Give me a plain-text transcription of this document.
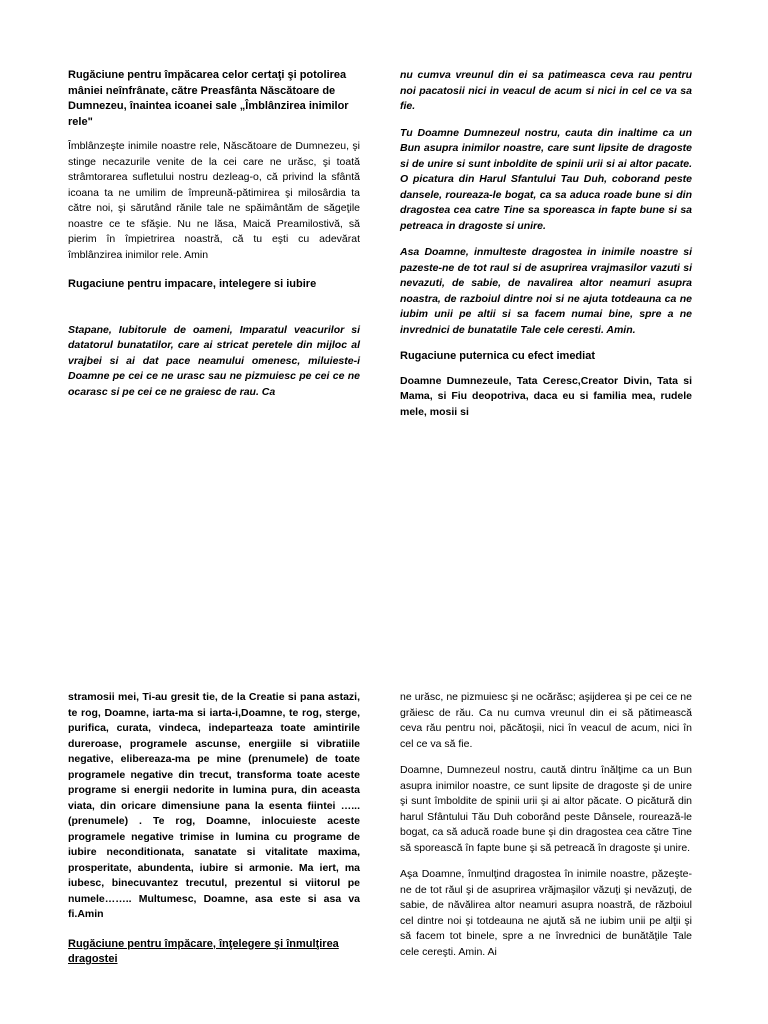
Rugăciune pentru împăcarea celor certaţi şi potolirea mâniei neînfrânate, către Preasfânta Născătoare de Dumnezeu, înaintea icoanei sale „Îmblânzirea inimilor rele"

Îmblânzeşte inimile noastre rele, Născătoare de Dumnezeu, şi stinge necazurile venite de la cei care ne urăsc, şi toată strâmtorarea sufletului nostru dezleag-o, că privind la sfântă icoana ta ne umilim de împreună-pătimirea şi milosârdia ta către noi, şi sărutând rănile tale ne spăimântăm de săgeţile noastre ce te sfăşie. Nu ne lăsa, Maică Preamilostivă, să pierim în împietrirea noastră, că tu eşti cu adevărat îmblânzirea inimilor rele. Amin

Rugaciune pentru impacare, intelegere si iubire

Stapane, Iubitorule de oameni, Imparatul veacurilor si datatorul bunatatilor, care ai stricat peretele din mijloc al vrajbei si ai dat pace neamului omenesc, miluieste-i Doamne pe cei ce ne urasc sau ne pizmuiesc pe cei ce ne ocarasc si pe cei ce ne graiesc de rau. Ca

nu cumva vreunul din ei sa patimeasca ceva rau pentru noi pacatosii nici in veacul de acum si nici in cel ce va sa fie.

Tu Doamne Dumnezeul nostru, cauta din inaltime ca un Bun asupra inimilor noastre, care sunt lipsite de dragoste si de unire si sunt inboldite de spinii urii si ai altor pacate. O picatura din Harul Sfantului Tau Duh, coborand peste dansele, roureaza-le bogat, ca sa aduca roade bune si din dragostea cea catre Tine sa sporeasca in fapte bune si sa petreaca in dragoste si unire.

Asa Doamne, inmulteste dragostea in inimile noastre si pazeste-ne de tot raul si de asuprirea vrajmasilor vazuti si nevazuti, de sabie, de navalirea altor neamuri asupra noastra, de razboiul dintre noi si ne ajuta totdeauna ca ne iubim unii pe altii si sa facem numai bine, spre a ne invrednici de bunatatile Tale cele ceresti. Amin.

Rugaciune puternica cu efect imediat

Doamne Dumnezeule, Tata Ceresc,Creator Divin, Tata si Mama, si Fiu deopotriva, daca eu si familia mea, rudele mele, mosii si

stramosii mei, Ti-au gresit tie, de la Creatie si pana astazi, te rog, Doamne, iarta-ma si iarta-i,Doamne, te rog, sterge, purifica, curata, vindeca, indeparteaza toate amintirile dureroase, programele ascunse, energiile si vibratiile negative, elibereaza-ma pe mine (prenumele) de toate programele negative din trecut, transforma toate aceste programe si energii nedorite in lumina pura, din aceasta viata, din oricare dimensiune pana la esenta fiintei …...(prenumele) . Te rog, Doamne, inlocuieste aceste programele negative trimise in lumina cu programe de iubire neconditionata, sanatate si vitalitate maxima, prosperitate, abundenta, iubire si armonie. Ma iert, ma iubesc, binecuvantez trecutul, prezentul si viitorul pe numele…….. Multumesc, Doamne, asa este si asa va fi.Amin

Rugăciune pentru împăcare, înţelegere şi înmulţirea dragostei

ne urăsc, ne pizmuiesc şi ne ocărăsc; aşijderea şi pe cei ce ne grăiesc de rău. Ca nu cumva vreunul din ei să pătimească ceva rău pentru noi, păcătoşii, nici în veacul de acum, nici în cel ce va să fie.

Doamne, Dumnezeul nostru, caută dintru înălţime ca un Bun asupra inimilor noastre, ce sunt lipsite de dragoste şi de unire şi sunt îmboldite de spinii urii şi ai altor păcate. O picătură din harul Sfântului Tău Duh coborând peste Dânsele, rourează-le bogat, ca să aducă roade bune şi din dragostea cea către Tine să sporească în fapte bune şi să petreacă în dragoste şi unire.

Aşa Doamne, înmulţind dragostea în inimile noastre, păzeşte-ne de tot răul şi de asuprirea vrăjmaşilor văzuţi şi nevăzuţi, de sabie, de năvălirea altor neamuri asupra noastră, de războiul cel dintre noi şi totdeauna ne ajută să ne iubim unii pe alţii şi să facem tot binele, spre a ne învrednici de bunătăţile Tale cele cereşti. Amin. Ai
